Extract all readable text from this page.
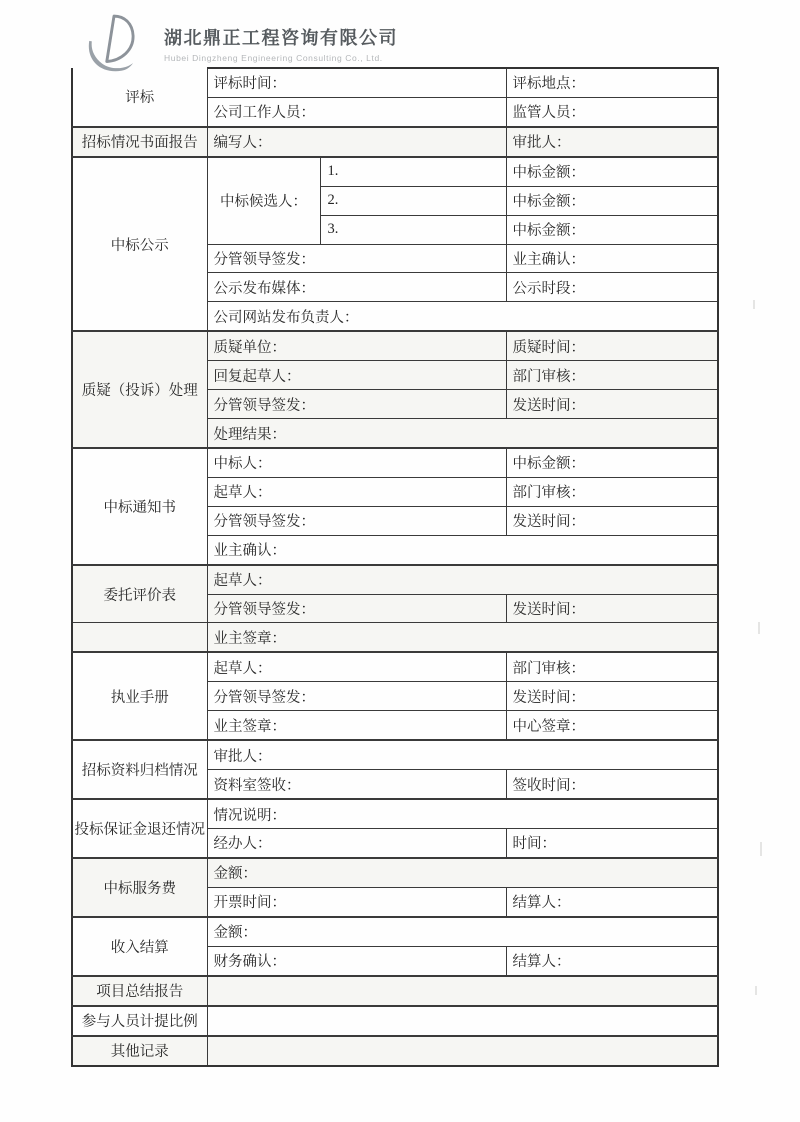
湖北鼎正工程咨询有限公司
Hubei Dingzheng Engineering Consulting Co., Ltd.
评标	评标时间：		评标地点：
	公司工作人员：		监管人员：
招标情况书面报告	编写人：		审批人：
中标公示	中标候选人：	1.	中标金额：
		2.	中标金额：
		3.	中标金额：
	分管领导签发：		业主确认：
	公示发布媒体：		公示时段：
	公司网站发布负责人：		
质疑（投诉）处理	质疑单位：		质疑时间：
	回复起草人：		部门审核：
	分管领导签发：		发送时间：
	处理结果：		
中标通知书	中标人：		中标金额：
	起草人：		部门审核：
	分管领导签发：		发送时间：
	业主确认：		
委托评价表	起草人：		
	分管领导签发：		发送时间：
	业主签章：		
执业手册	起草人：		部门审核：
	分管领导签发：		发送时间：
	业主签章：		中心签章：
招标资料归档情况	审批人：		
	资料室签收：		签收时间：
投标保证金退还情况	情况说明：		
	经办人：		时间：
中标服务费	金额：		
	开票时间：		结算人：
收入结算	金额：		
	财务确认：		结算人：
项目总结报告			
参与人员计提比例			
其他记录			
